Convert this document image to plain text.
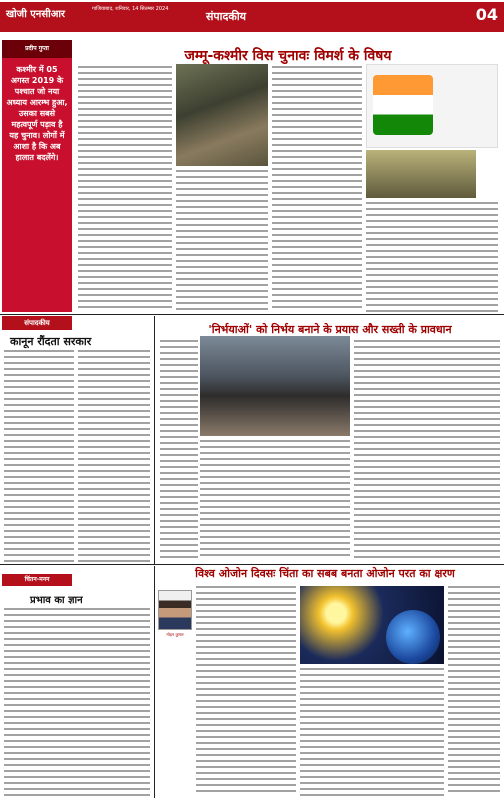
खोजी एनसीआर	गाजियाबाद, शनिवार, 14 सितम्बर 2024
संपादकीय	04
प्रदीप गुप्ता
कश्मीर में 05 अगस्त 2019 के पश्चात जो नया अध्याय आरम्भ हुआ, उसका सबसे महत्वपूर्ण पड़ाव है यह चुनाव। लोगों में आशा है कि अब हालात बदलेंगे।
जम्मू-कश्मीर विस चुनावः विमर्श के विषय

संपादकीय
कानून रौंदता सरकार

'निर्भयाओं' को निर्भय बनाने के प्रयास और सख्ती के प्रावधान

चिंतन-मनन
प्रभाव का ज्ञान

विश्व ओजोन दिवसः चिंता का सबब बनता ओजोन परत का क्षरण
मोहन कुमार
